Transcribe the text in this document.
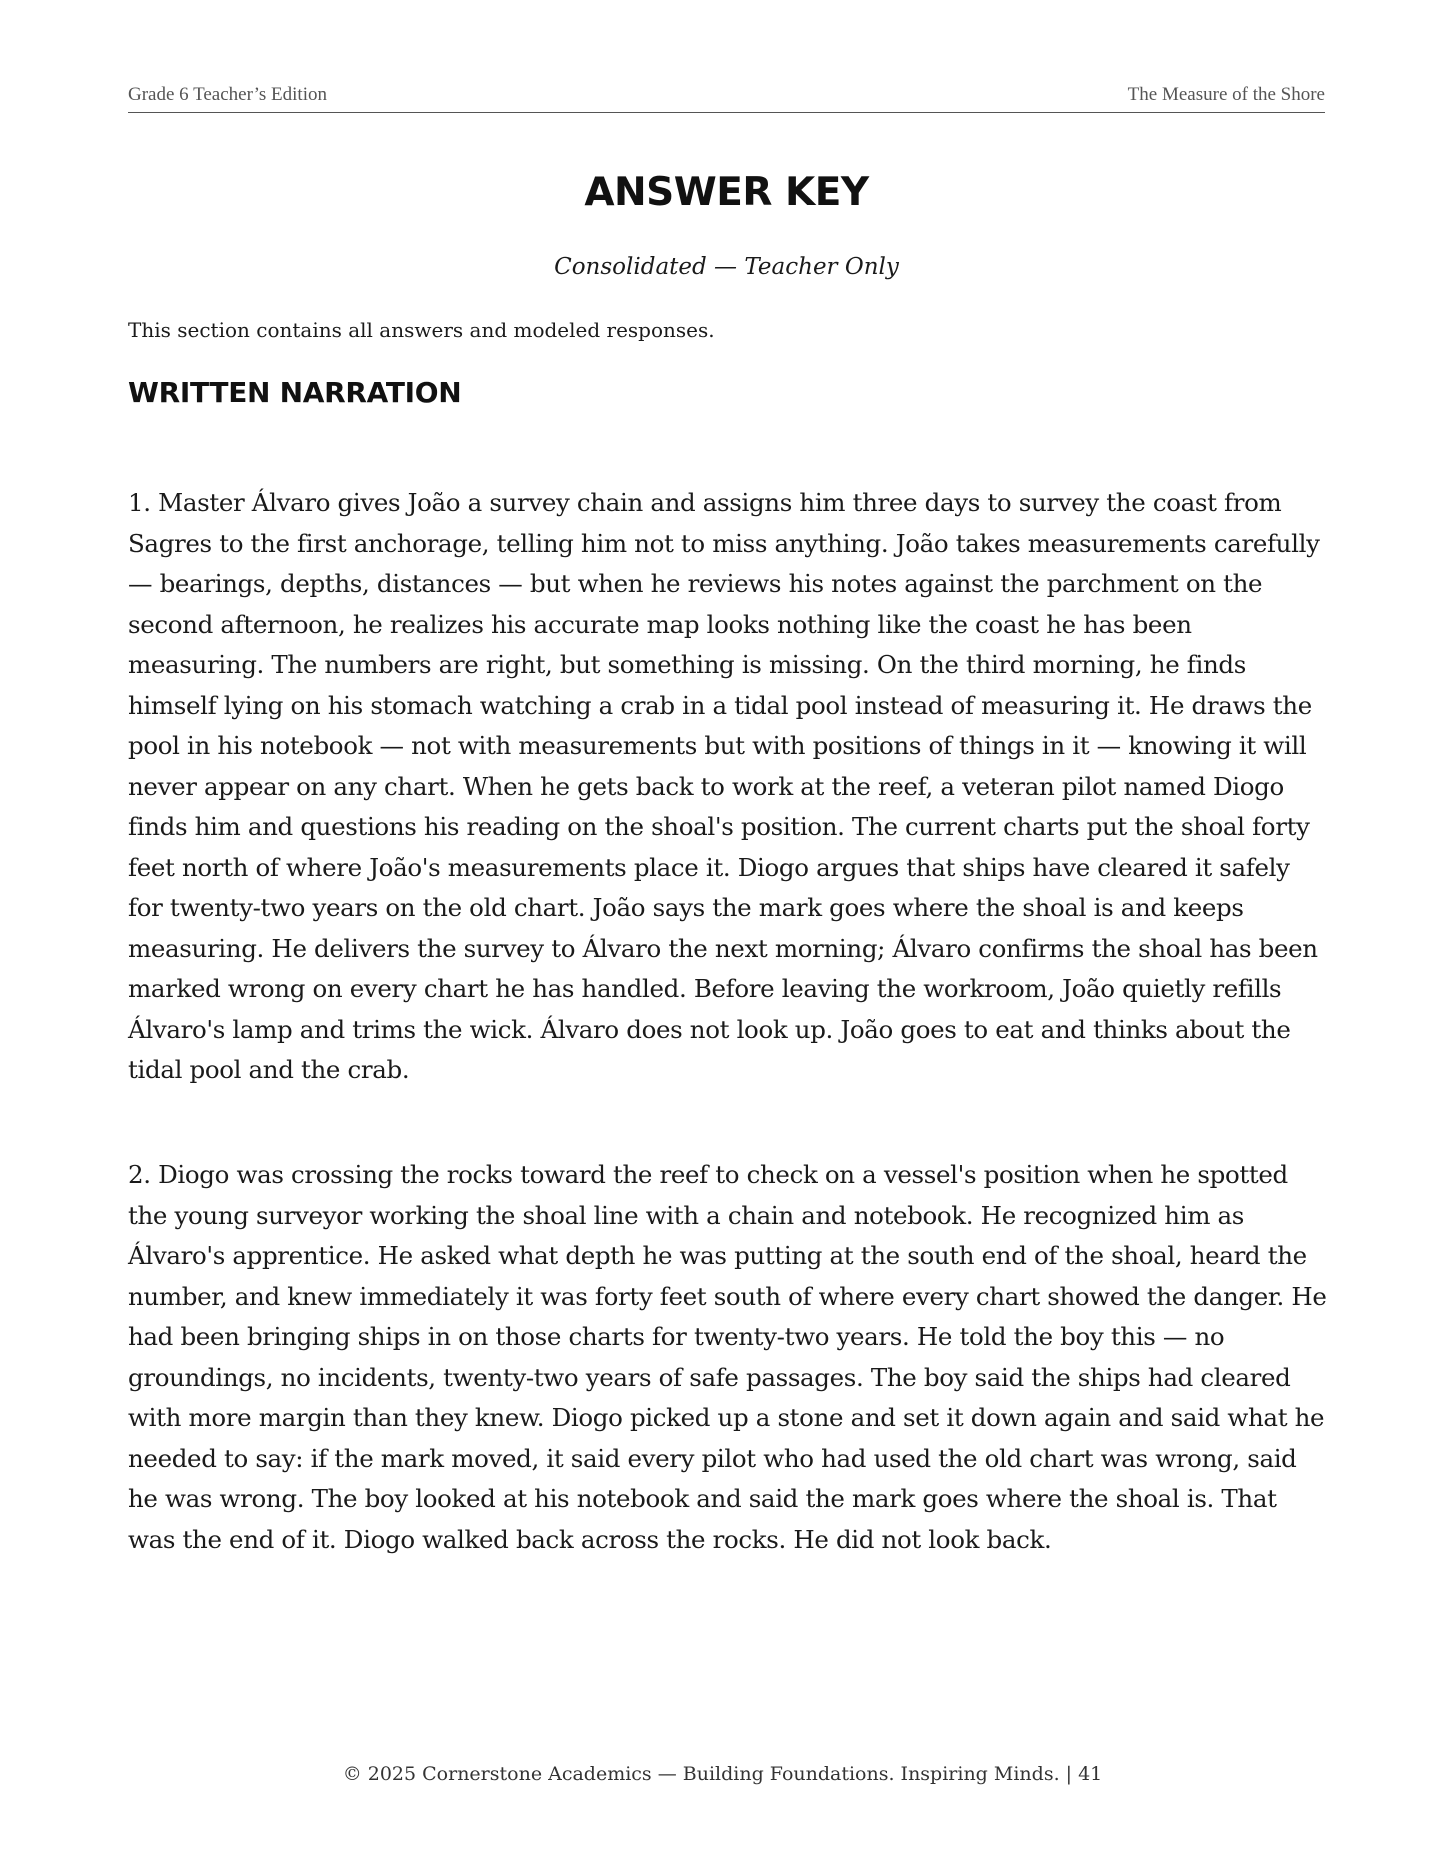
Grade 6 Teacher’s Edition	The Measure of the Shore
ANSWER KEY
Consolidated — Teacher Only
This section contains all answers and modeled responses.
WRITTEN NARRATION

1. Master Álvaro gives João a survey chain and assigns him three days to survey the coast from Sagres to the first anchorage, telling him not to miss anything. João takes measurements carefully — bearings, depths, distances — but when he reviews his notes against the parchment on the second afternoon, he realizes his accurate map looks nothing like the coast he has been measuring. The numbers are right, but something is missing. On the third morning, he finds himself lying on his stomach watching a crab in a tidal pool instead of measuring it. He draws the pool in his notebook — not with measurements but with positions of things in it — knowing it will never appear on any chart. When he gets back to work at the reef, a veteran pilot named Diogo finds him and questions his reading on the shoal's position. The current charts put the shoal forty feet north of where João's measurements place it. Diogo argues that ships have cleared it safely for twenty-two years on the old chart. João says the mark goes where the shoal is and keeps measuring. He delivers the survey to Álvaro the next morning; Álvaro confirms the shoal has been marked wrong on every chart he has handled. Before leaving the workroom, João quietly refills Álvaro's lamp and trims the wick. Álvaro does not look up. João goes to eat and thinks about the tidal pool and the crab.

2. Diogo was crossing the rocks toward the reef to check on a vessel's position when he spotted the young surveyor working the shoal line with a chain and notebook. He recognized him as Álvaro's apprentice. He asked what depth he was putting at the south end of the shoal, heard the number, and knew immediately it was forty feet south of where every chart showed the danger. He had been bringing ships in on those charts for twenty-two years. He told the boy this — no groundings, no incidents, twenty-two years of safe passages. The boy said the ships had cleared with more margin than they knew. Diogo picked up a stone and set it down again and said what he needed to say: if the mark moved, it said every pilot who had used the old chart was wrong, said he was wrong. The boy looked at his notebook and said the mark goes where the shoal is. That was the end of it. Diogo walked back across the rocks. He did not look back.

© 2025 Cornerstone Academics — Building Foundations. Inspiring Minds. | 41
